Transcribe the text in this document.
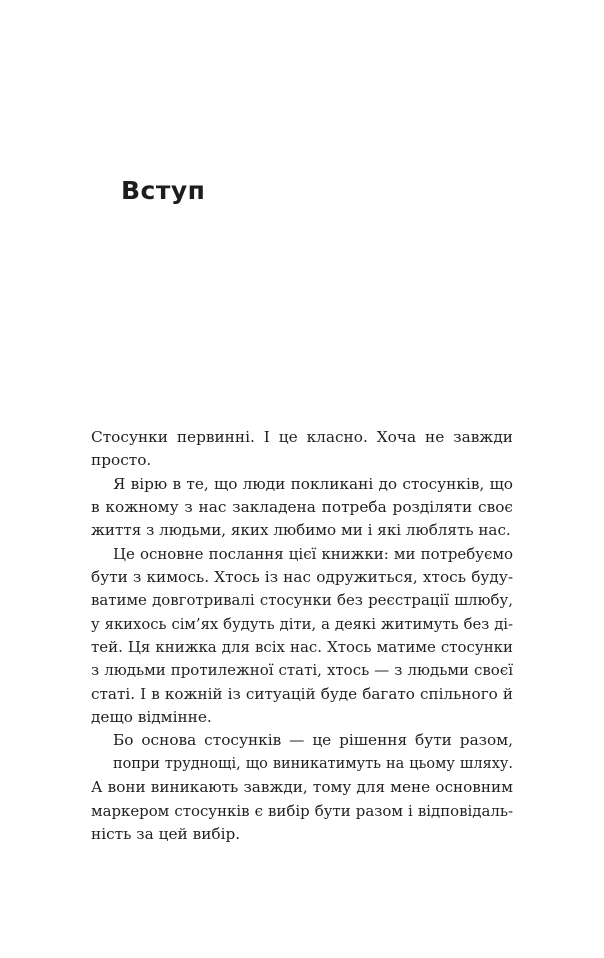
Вступ
Стосунки первинні. І це класно. Хоча не завжди
просто.
Я вірю в те, що люди покликані до стосунків, що
в кожному з нас закладена потреба розділяти своє
життя з людьми, яких любимо ми і які люблять нас.
Це основне послання цієї книжки: ми потребуємо
бути з кимось. Хтось із нас одружиться, хтось буду-
ватиме довготривалі стосунки без реєстрації шлюбу,
у якихось сім’ях будуть діти, а деякі житимуть без ді-
тей. Ця книжка для всіх нас. Хтось матиме стосунки
з людьми протилежної статі, хтось — з людьми своєї
статі. І в кожній із ситуацій буде багато спільного й
дещо відмінне.
Бо основа стосунків — це рішення бути разом,
попри труднощі, що виникатимуть на цьому шляху.
А вони виникають завжди, тому для мене основним
маркером стосунків є вибір бути разом і відповідаль-
ність за цей вибір.
